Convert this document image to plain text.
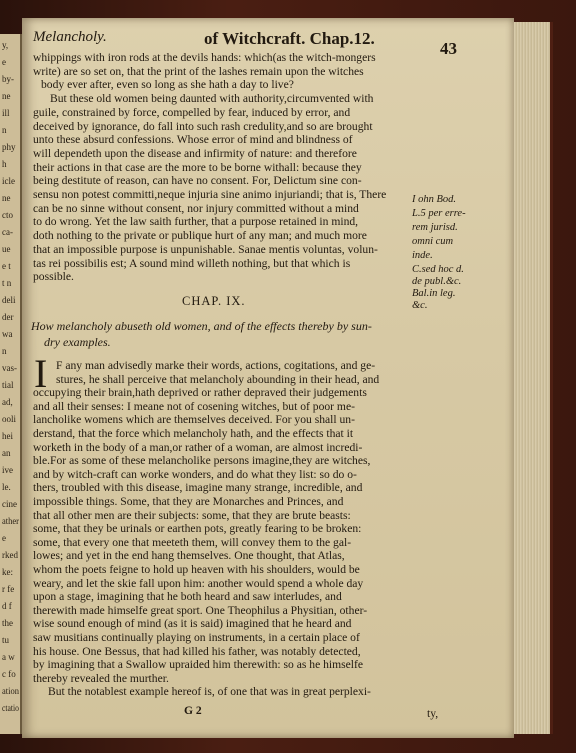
y,
e
by-
ne
ill
n
phy
h
icle
ne
cto
ca-
ue
e t
t n
deli
der
wa
n
vas-
tial
ad,
ooli
hei
an
ive
le.
cine
ather
e
rked
ke:
r fe
d f
the
tu
a w
c fo
ation
ctatio
Melancholy.	of Witchcraft. Chap.12.
43
whippings with iron rods at the devils hands: which(as the witch-mongers
write) are so set on, that the print of the lashes remain upon the witches
body ever after, even so long as she hath a day to live?
But these old women being daunted with authority,circumvented with
guile, constrained by force, compelled by fear, induced by error, and
deceived by ignorance, do fall into such rash credulity,and so are brought
unto these absurd confessions. Whose error of mind and blindness of
will dependeth upon the disease and infirmity of nature: and therefore
their actions in that case are the more to be borne withall: because they
being destitute of reason, can have no consent. For, Delictum sine con-
sensu non potest committi,neque injuria sine animo injuriandi; that is, There
can be no sinne without consent, nor injury committed without a mind
to do wrong. Yet the law saith further, that a purpose retained in mind,
doth nothing to the private or publique hurt of any man; and much more
that an impossible purpose is unpunishable. Sanae mentis voluntas, volun-
tas rei possibilis est; A sound mind willeth nothing, but that which is
possible.
I ohn Bod.
L.5 per erre-
rem jurisd.
omni cum
inde.
C.sed hoc d.
de publ.&c.
Bal.in leg.
&c.
CHAP. IX.
How melancholy abuseth old women, and of the effects thereby by sun-
dry examples.
I F any man advisedly marke their words, actions, cogitations, and ge-
stures, he shall perceive that melancholy abounding in their head, and
occupying their brain,hath deprived or rather depraved their judgements
and all their senses: I meane not of cosening witches, but of poor me-
lancholike womens which are themselves deceived. For you shall un-
derstand, that the force which melancholy hath, and the effects that it
worketh in the body of a man,or rather of a woman, are almost incredi-
ble.For as some of these melancholike persons imagine,they are witches,
and by witch-craft can worke wonders, and do what they list: so do o-
thers, troubled with this disease, imagine many strange, incredible, and
impossible things. Some, that they are Monarches and Princes, and
that all other men are their subjects: some, that they are brute beasts:
some, that they be urinals or earthen pots, greatly fearing to be broken:
some, that every one that meeteth them, will convey them to the gal-
lowes; and yet in the end hang themselves. One thought, that Atlas,
whom the poets feigne to hold up heaven with his shoulders, would be
weary, and let the skie fall upon him: another would spend a whole day
upon a stage, imagining that he both heard and saw interludes, and
therewith made himselfe great sport. One Theophilus a Physitian, other-
wise sound enough of mind (as it is said) imagined that he heard and
saw musitians continually playing on instruments, in a certain place of
his house. One Bessus, that had killed his father, was notably detected,
by imagining that a Swallow upraided him therewith: so as he himselfe
thereby revealed the murther.
But the notablest example hereof is, of one that was in great perplexi-
G 2	ty,
